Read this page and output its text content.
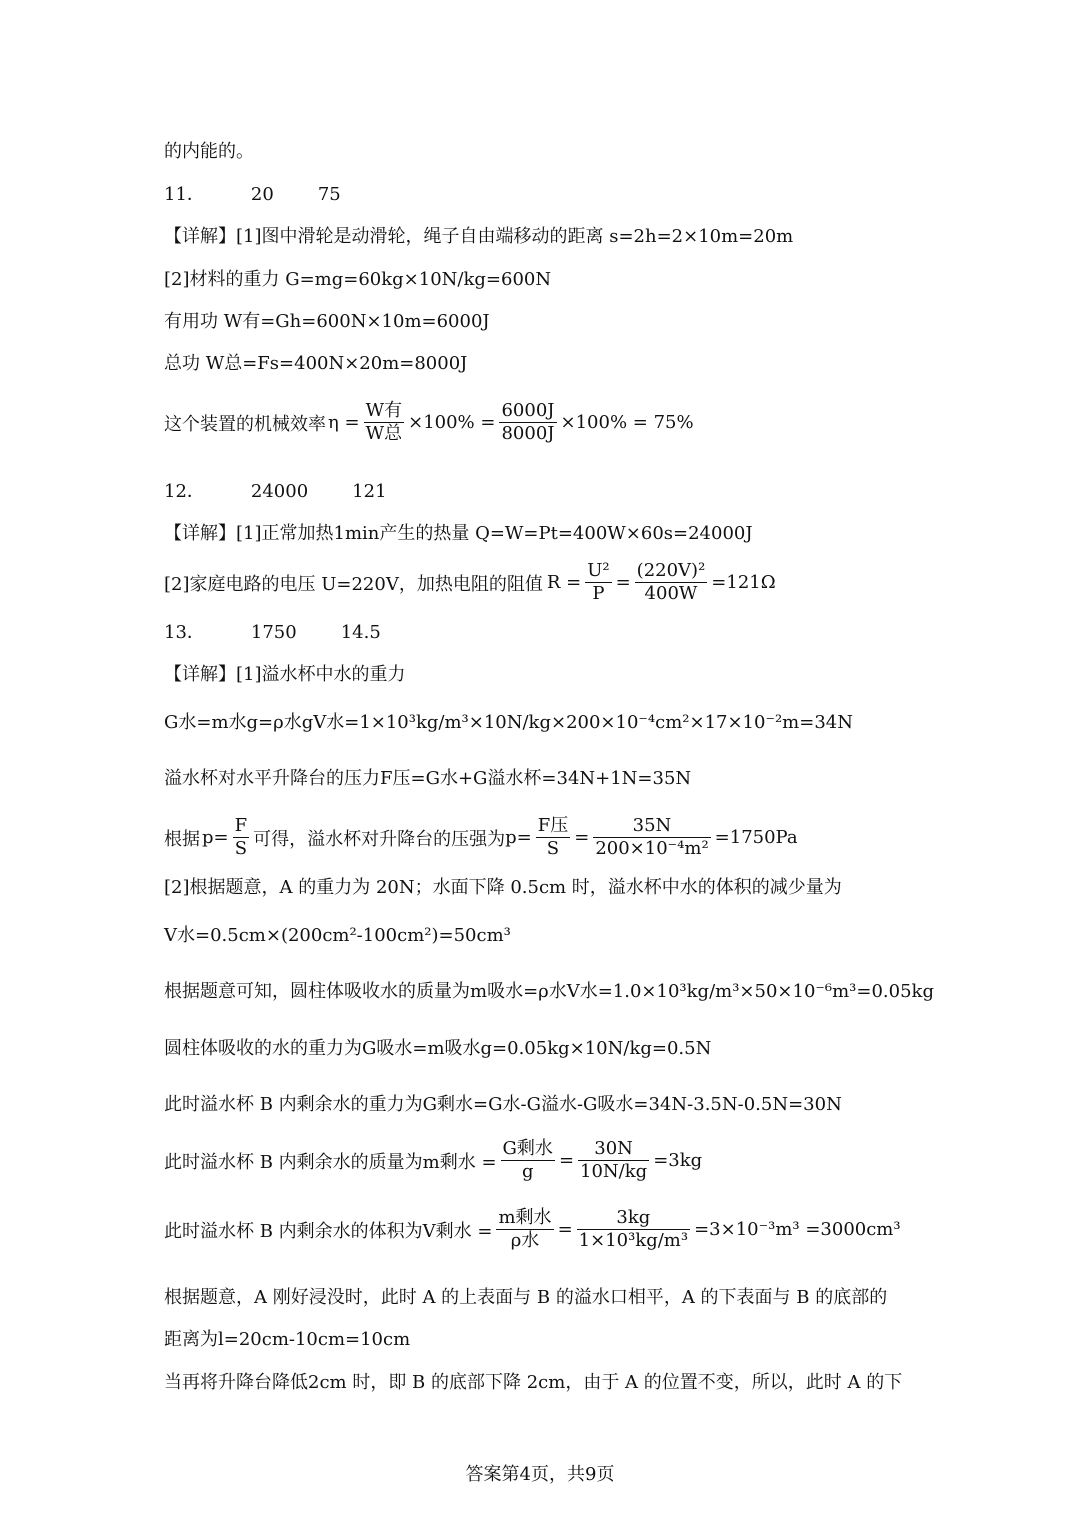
的内能的。
11．	20 75
【详解】[1]图中滑轮是动滑轮，绳子自由端移动的距离 s=2h=2×10m=20m
[2]材料的重力 G=mg=60kg×10N/kg=600N
有用功 W有=Gh=600N×10m=6000J
总功 W总=Fs=400N×20m=8000J
这个装置的机械效率 $\eta = \frac{\text{W有}}{\text{W总}} \times 100\% = \frac{6000J}{8000J} \times 100\% = 75\%$
12．	24000 121
【详解】[1]正常加热1min产生的热量 Q=W=Pt=400W×60s=24000J
[2]家庭电路的电压 U=220V，加热电阻的阻值 $R = \frac{\text{U²}}{P} = \frac{\text{(220V)²}}{400W} =121\Omega$
13．	1750 14.5
【详解】[1]溢水杯中水的重力
G水=m水g=ρ水gV水=1×10³kg/m³×10N/kg×200×10⁻⁴cm²×17×10⁻²m=34N
溢水杯对水平升降台的压力F压=G水+G溢水杯=34N+1N=35N
根据 $p= \frac{F}{S}$ 可得，溢水杯对升降台的压强为 $p= \frac{\text{F压}}{S} = \frac{35N}{\text{200×10⁻⁴m²}} =1750Pa$
[2]根据题意，A 的重力为 20N；水面下降 0.5cm 时，溢水杯中水的体积的减少量为
V水=0.5cm×(200cm²-100cm²)=50cm³
根据题意可知，圆柱体吸收水的质量为m吸水=ρ水V水=1.0×10³kg/m³×50×10⁻⁶m³=0.05kg
圆柱体吸收的水的重力为G吸水=m吸水g=0.05kg×10N/kg=0.5N
此时溢水杯 B 内剩余水的重力为G剩水=G水-G溢水-G吸水=34N-3.5N-0.5N=30N
此时溢水杯 B 内剩余水的质量为 m剩水 = $\frac{\text{G剩水}}{g} = \frac{30N}{10N/kg} =3kg$
此时溢水杯 B 内剩余水的体积为 V剩水 = $\frac{\text{m剩水}}{\text{ρ水}} = \frac{3kg}{\text{1×10³kg/m³}} =3\times 10^{-3}m^3 =3000cm^3$
根据题意，A 刚好浸没时，此时 A 的上表面与 B 的溢水口相平，A 的下表面与 B 的底部的
距离为l=20cm-10cm=10cm
当再将升降台降低2cm 时，即 B 的底部下降 2cm，由于 A 的位置不变，所以，此时 A 的下
答案第4页，共9页
